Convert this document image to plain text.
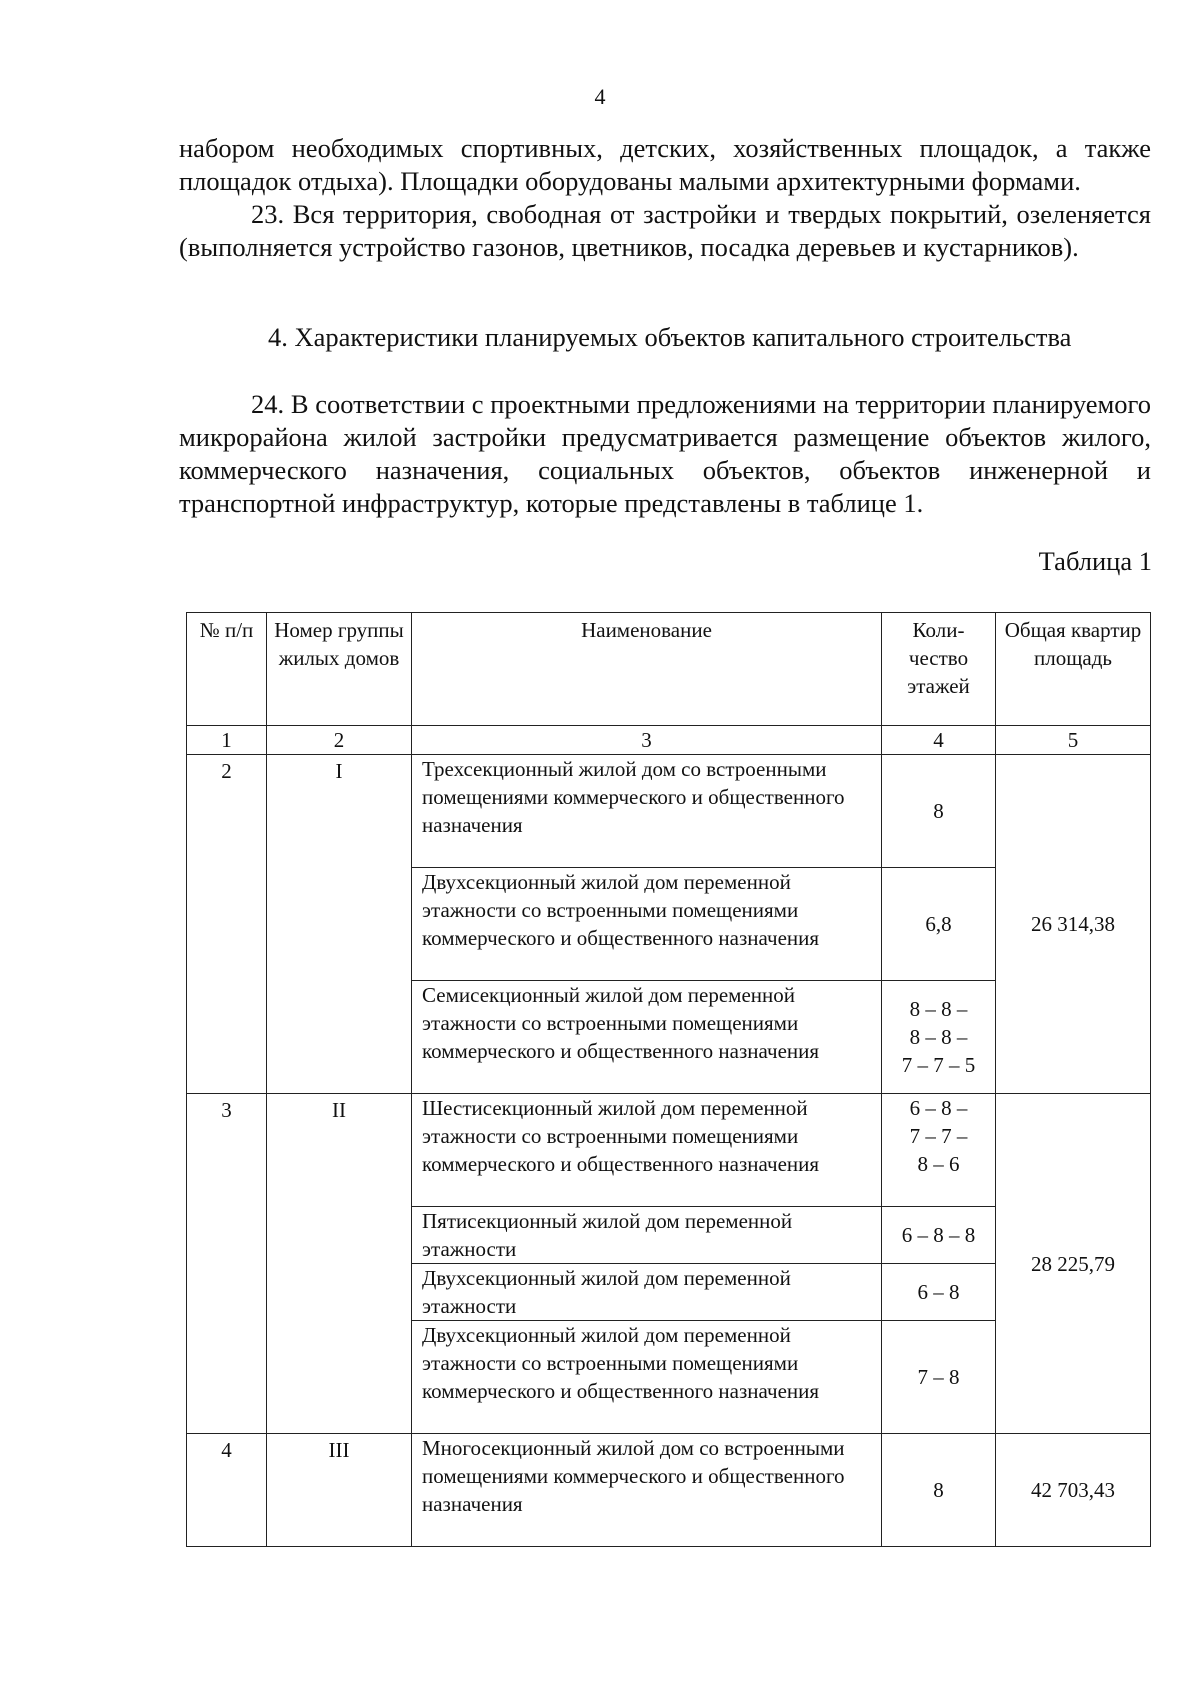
4
набором необходимых спортивных, детских, хозяйственных площадок, а также площадок отдыха). Площадки оборудованы малыми архитектурными формами.
23. Вся территория, свободная от застройки и твердых покрытий, озеленяется (выполняется устройство газонов, цветников, посадка деревьев и кустарников).
4. Характеристики планируемых объектов капитального строительства
24. В соответствии с проектными предложениями на территории планируемого микрорайона жилой застройки предусматривается размещение объектов жилого, коммерческого назначения, социальных объектов, объектов инженерной и транспортной инфраструктур, которые представлены в таблице 1.
Таблица 1
№ п/п	Номер группы жилых домов	Наименование	Коли-чество этажей	Общая квартир площадь
1	2	3	4	5
2	I	Трехсекционный жилой дом со встроенными помещениями коммерческого и общественного назначения	8	26 314,38
		Двухсекционный жилой дом переменной этажности со встроенными помещениями коммерческого и общественного назначения	6,8	

		Семисекционный жилой дом переменной этажности со встроенными помещениями коммерческого и общественного назначения	8 – 8 –
8 – 8 –
7 – 7 – 5	

3	II	Шестисекционный жилой дом переменной этажности со встроенными помещениями коммерческого и общественного назначения	6 – 8 –
7 – 7 –
8 – 6	28 225,79
		Пятисекционный жилой дом переменной этажности	6 – 8 – 8	

		Двухсекционный жилой дом переменной этажности	6 – 8	

		Двухсекционный жилой дом переменной этажности со встроенными помещениями коммерческого и общественного назначения	7 – 8	

4	III	Многосекционный жилой дом со встроенными помещениями коммерческого и общественного назначения	8	42 703,43
